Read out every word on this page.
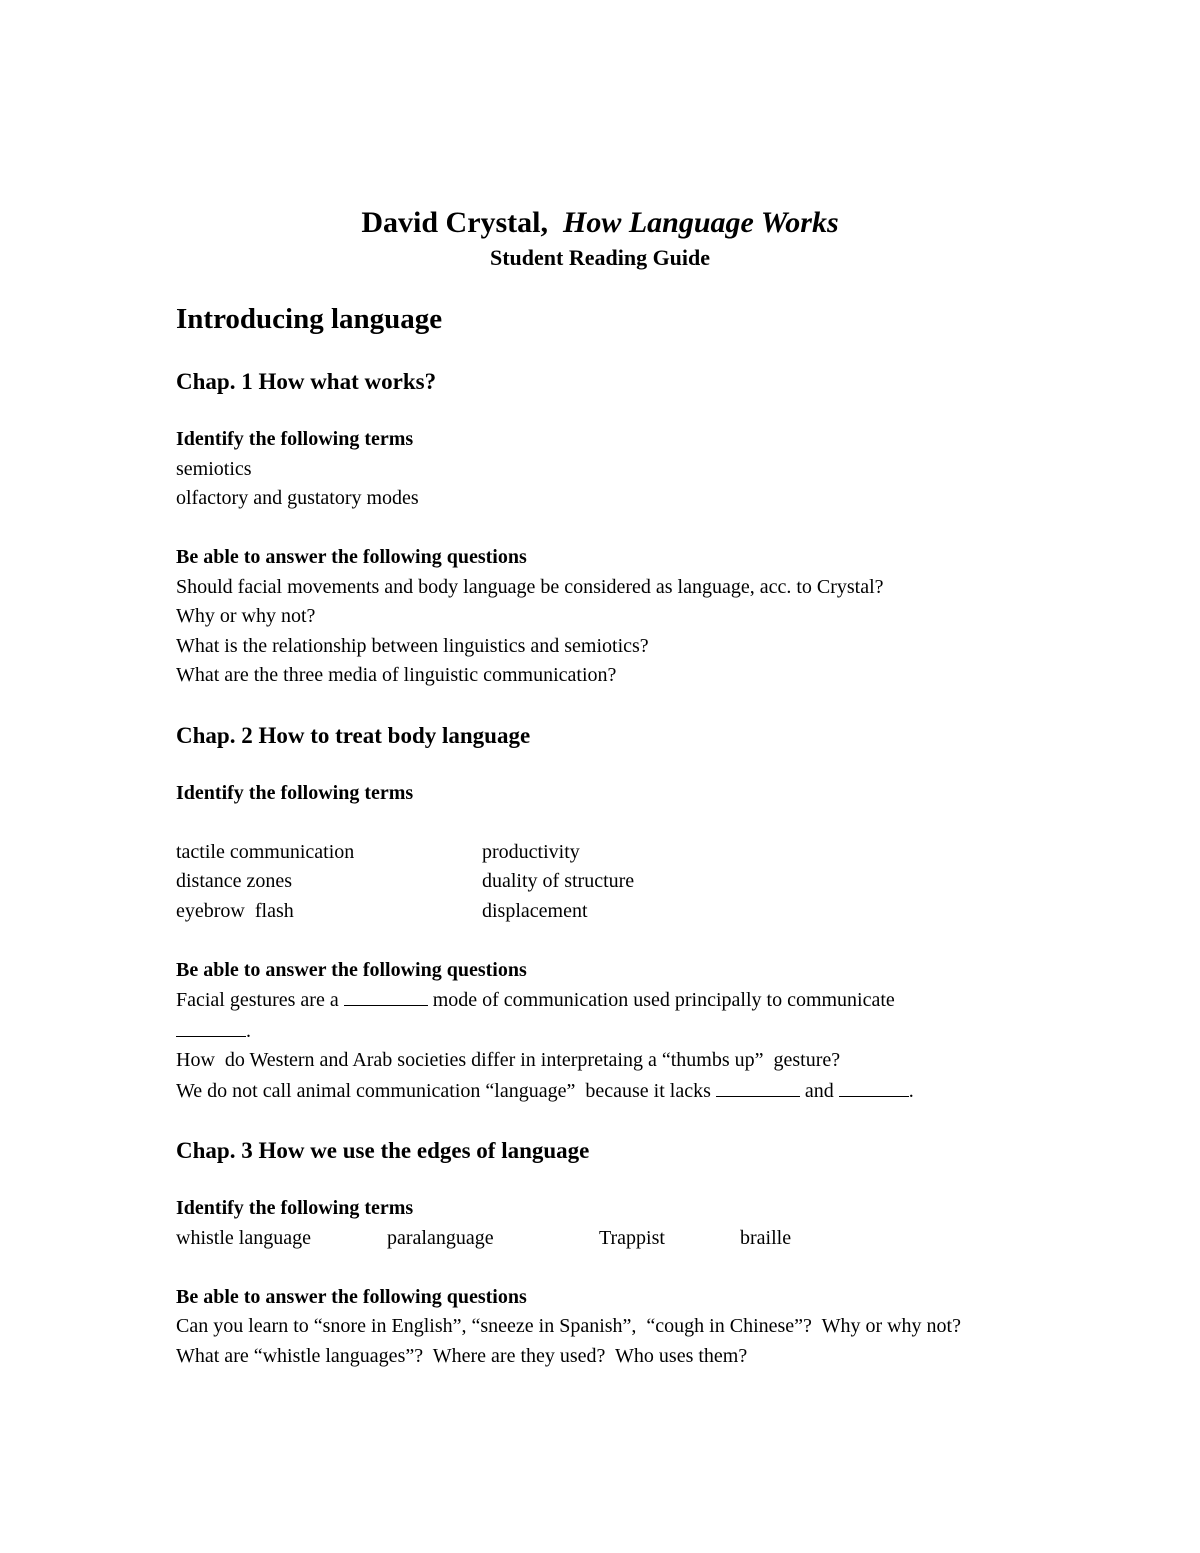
David Crystal, How Language Works

Student Reading Guide

Introducing language
Chap. 1 How what works?

Identify the following terms

semiotics

olfactory and gustatory modes

Be able to answer the following questions

Should facial movements and body language be considered as language, acc. to Crystal?

Why or why not?

What is the relationship between linguistics and semiotics?

What are the three media of linguistic communication?

Chap. 2 How to treat body language

Identify the following terms

tactile communication	productivity
distance zones	duality of structure
eyebrow  flash	displacement

Be able to answer the following questions

Facial gestures are a	mode of communication used principally to communicate

.

How  do Western and Arab societies differ in interpretaing a “thumbs up”  gesture?

We do not call animal communication “language”  because it lacks	and	.

Chap. 3 How we use the edges of language

Identify the following terms

whistle language	paralanguage	Trappist	braille

Be able to answer the following questions

Can you learn to “snore in English”, “sneeze in Spanish”,  “cough in Chinese”?  Why or why not?

What are “whistle languages”?  Where are they used?  Who uses them?
